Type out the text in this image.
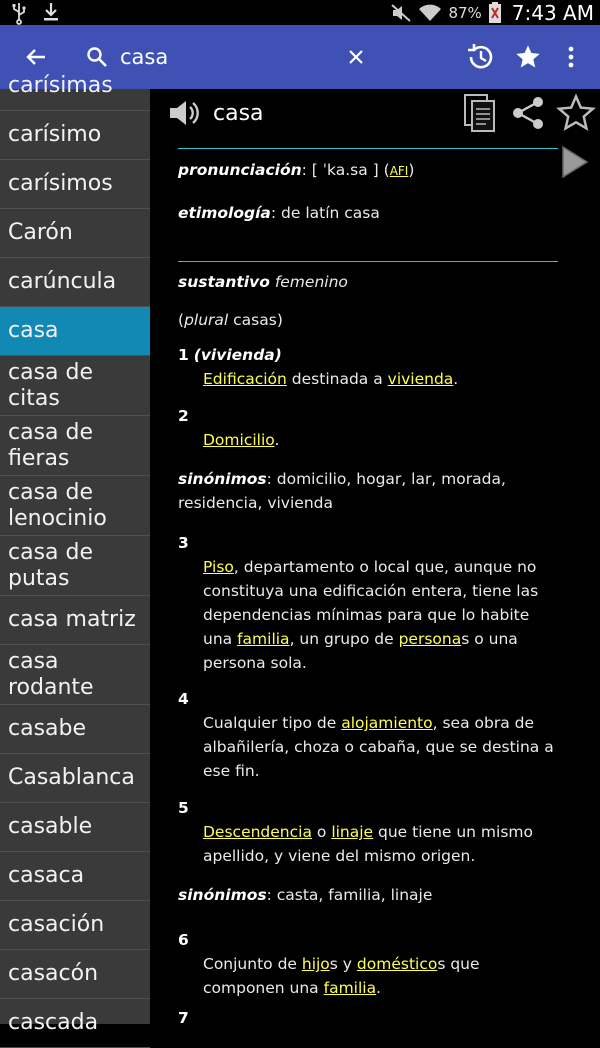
87% 7:43 AM
casa
carísimas
carísimo
carísimos
Carón
carúncula
casa
casa de citas
casa de fieras
casa de lenocinio
casa de putas
casa matriz
casa rodante
casabe
Casablanca
casable
casaca
casación
casacón
cascada
casa
pronunciación: [ ˈka.sa ] (AFI)
etimología: de latín casa
sustantivo femenino
(plural casas)
1 (vivienda)
Edificación destinada a vivienda.
2
Domicilio.
sinónimos: domicilio, hogar, lar, morada, residencia, vivienda
3
Piso, departamento o local que, aunque no constituya una edificación entera, tiene las dependencias mínimas para que lo habite una familia, un grupo de personas o una persona sola.
4
Cualquier tipo de alojamiento, sea obra de albañilería, choza o cabaña, que se destina a ese fin.
5
Descendencia o linaje que tiene un mismo apellido, y viene del mismo origen.
sinónimos: casta, familia, linaje
6
Conjunto de hijos y domésticos que componen una familia.
7
